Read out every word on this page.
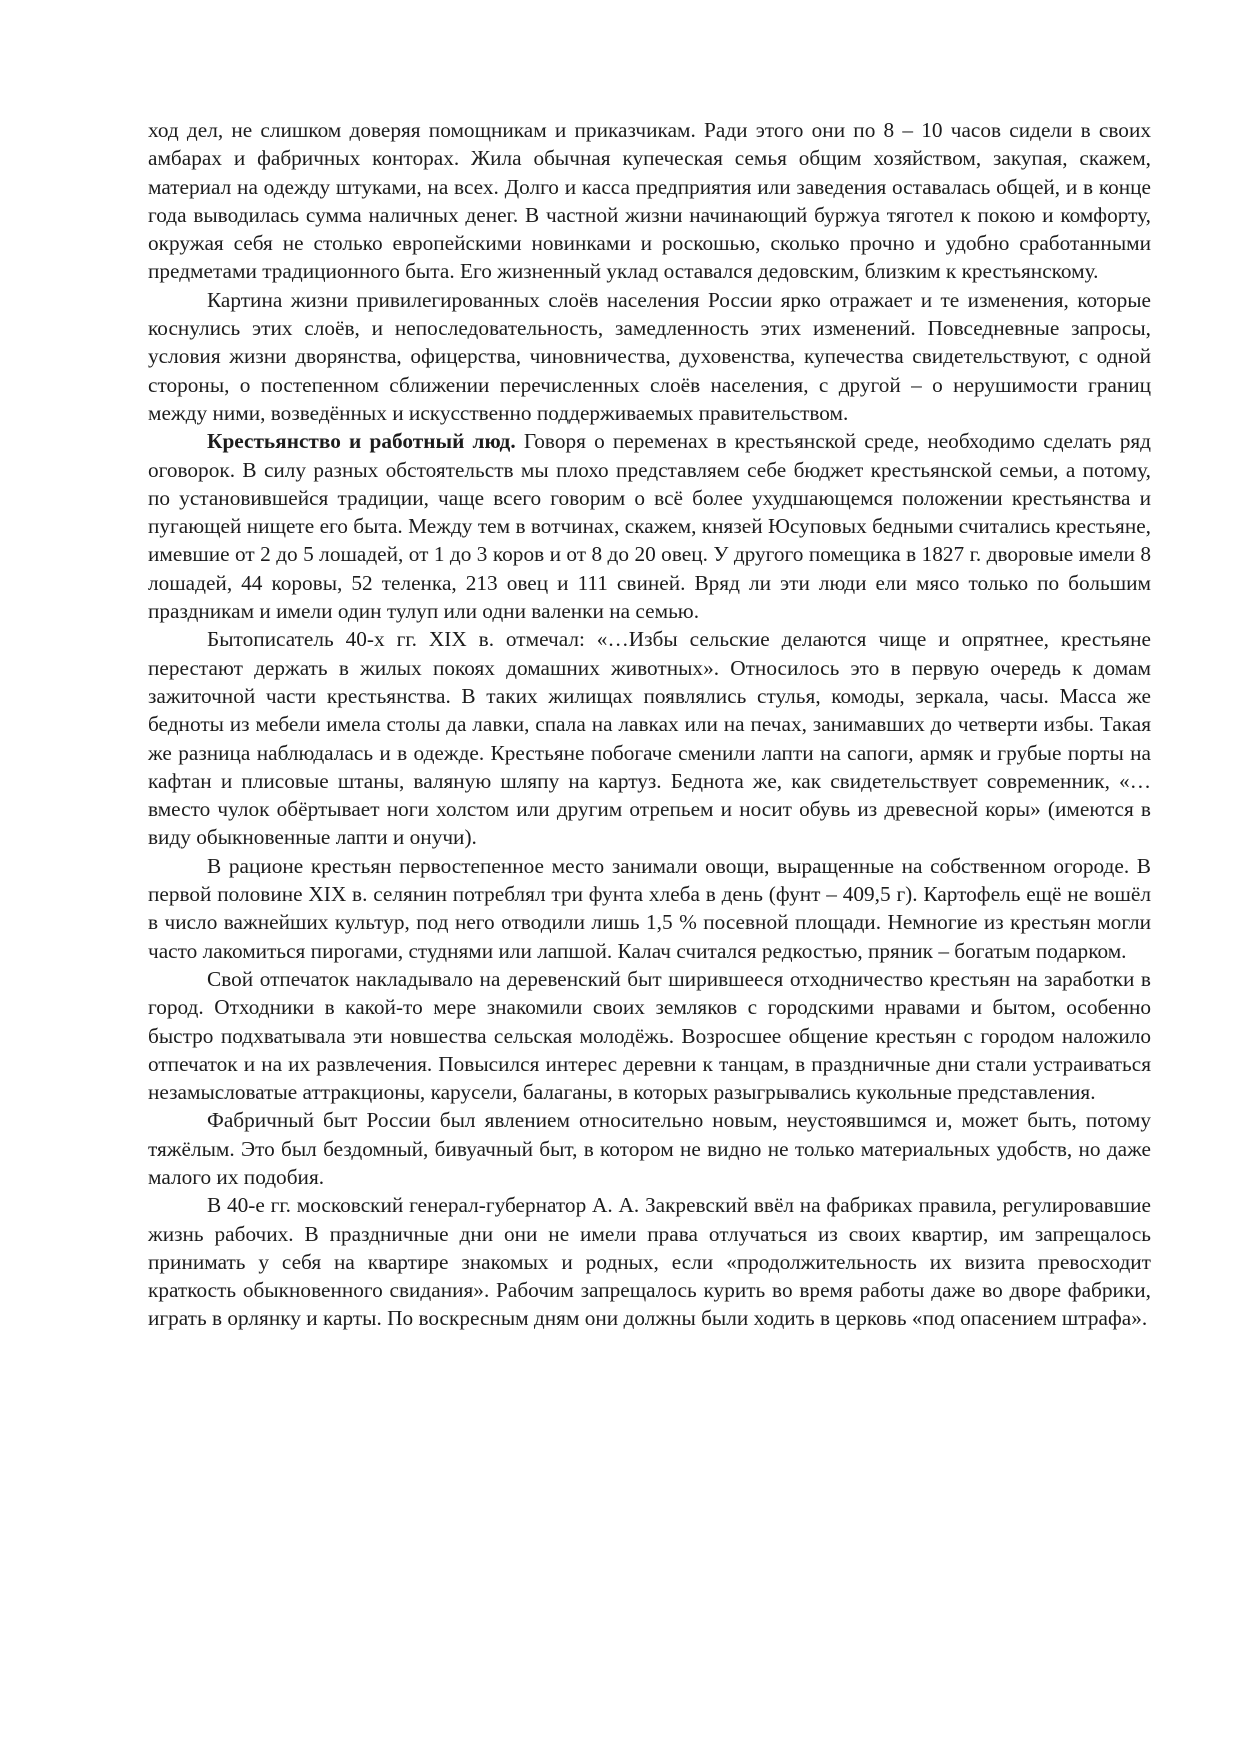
ход дел, не слишком доверяя помощникам и приказчикам. Ради этого они по 8 – 10 часов сидели в своих амбарах и фабричных конторах. Жила обычная купеческая семья общим хозяйством, закупая, скажем, материал на одежду штуками, на всех. Долго и касса предприятия или заведения оставалась общей, и в конце года выводилась сумма наличных денег. В частной жизни начинающий буржуа тяготел к покою и комфорту, окружая себя не столько европейскими новинками и роскошью, сколько прочно и удобно сработанными предметами традиционного быта. Его жизненный уклад оставался дедовским, близким к крестьянскому.

Картина жизни привилегированных слоёв населения России ярко отражает и те изменения, которые коснулись этих слоёв, и непоследовательность, замедленность этих изменений. Повседневные запросы, условия жизни дворянства, офицерства, чиновничества, духовенства, купечества свидетельствуют, с одной стороны, о постепенном сближении перечисленных слоёв населения, с другой – о нерушимости границ между ними, возведённых и искусственно поддерживаемых правительством.

Крестьянство и работный люд. Говоря о переменах в крестьянской среде, необходимо сделать ряд оговорок. В силу разных обстоятельств мы плохо представляем себе бюджет крестьянской семьи, а потому, по установившейся традиции, чаще всего говорим о всё более ухудшающемся положении крестьянства и пугающей нищете его быта. Между тем в вотчинах, скажем, князей Юсуповых бедными считались крестьяне, имевшие от 2 до 5 лошадей, от 1 до 3 коров и от 8 до 20 овец. У другого помещика в 1827 г. дворовые имели 8 лошадей, 44 коровы, 52 теленка, 213 овец и 111 свиней. Вряд ли эти люди ели мясо только по большим праздникам и имели один тулуп или одни валенки на семью.

Бытописатель 40-х гг. XIX в. отмечал: «…Избы сельские делаются чище и опрятнее, крестьяне перестают держать в жилых покоях домашних животных». Относилось это в первую очередь к домам зажиточной части крестьянства. В таких жилищах появлялись стулья, комоды, зеркала, часы. Масса же бедноты из мебели имела столы да лавки, спала на лавках или на печах, занимавших до четверти избы. Такая же разница наблюдалась и в одежде. Крестьяне побогаче сменили лапти на сапоги, армяк и грубые порты на кафтан и плисовые штаны, валяную шляпу на картуз. Беднота же, как свидетельствует современник, «…вместо чулок обёртывает ноги холстом или другим отрепьем и носит обувь из древесной коры» (имеются в виду обыкновенные лапти и онучи).

В рационе крестьян первостепенное место занимали овощи, выращенные на собственном огороде. В первой половине XIX в. селянин потреблял три фунта хлеба в день (фунт – 409,5 г). Картофель ещё не вошёл в число важнейших культур, под него отводили лишь 1,5 % посевной площади. Немногие из крестьян могли часто лакомиться пирогами, студнями или лапшой. Калач считался редкостью, пряник – богатым подарком.

Свой отпечаток накладывало на деревенский быт ширившееся отходничество крестьян на заработки в город. Отходники в какой-то мере знакомили своих земляков с городскими нравами и бытом, особенно быстро подхватывала эти новшества сельская молодёжь. Возросшее общение крестьян с городом наложило отпечаток и на их развлечения. Повысился интерес деревни к танцам, в праздничные дни стали устраиваться незамысловатые аттракционы, карусели, балаганы, в которых разыгрывались кукольные представления.

Фабричный быт России был явлением относительно новым, неустоявшимся и, может быть, потому тяжёлым. Это был бездомный, бивуачный быт, в котором не видно не только материальных удобств, но даже малого их подобия.

В 40-е гг. московский генерал-губернатор А. А. Закревский ввёл на фабриках правила, регулировавшие жизнь рабочих. В праздничные дни они не имели права отлучаться из своих квартир, им запрещалось принимать у себя на квартире знакомых и родных, если «продолжительность их визита превосходит краткость обыкновенного свидания». Рабочим запрещалось курить во время работы даже во дворе фабрики, играть в орлянку и карты. По воскресным дням они должны были ходить в церковь «под опасением штрафа».
